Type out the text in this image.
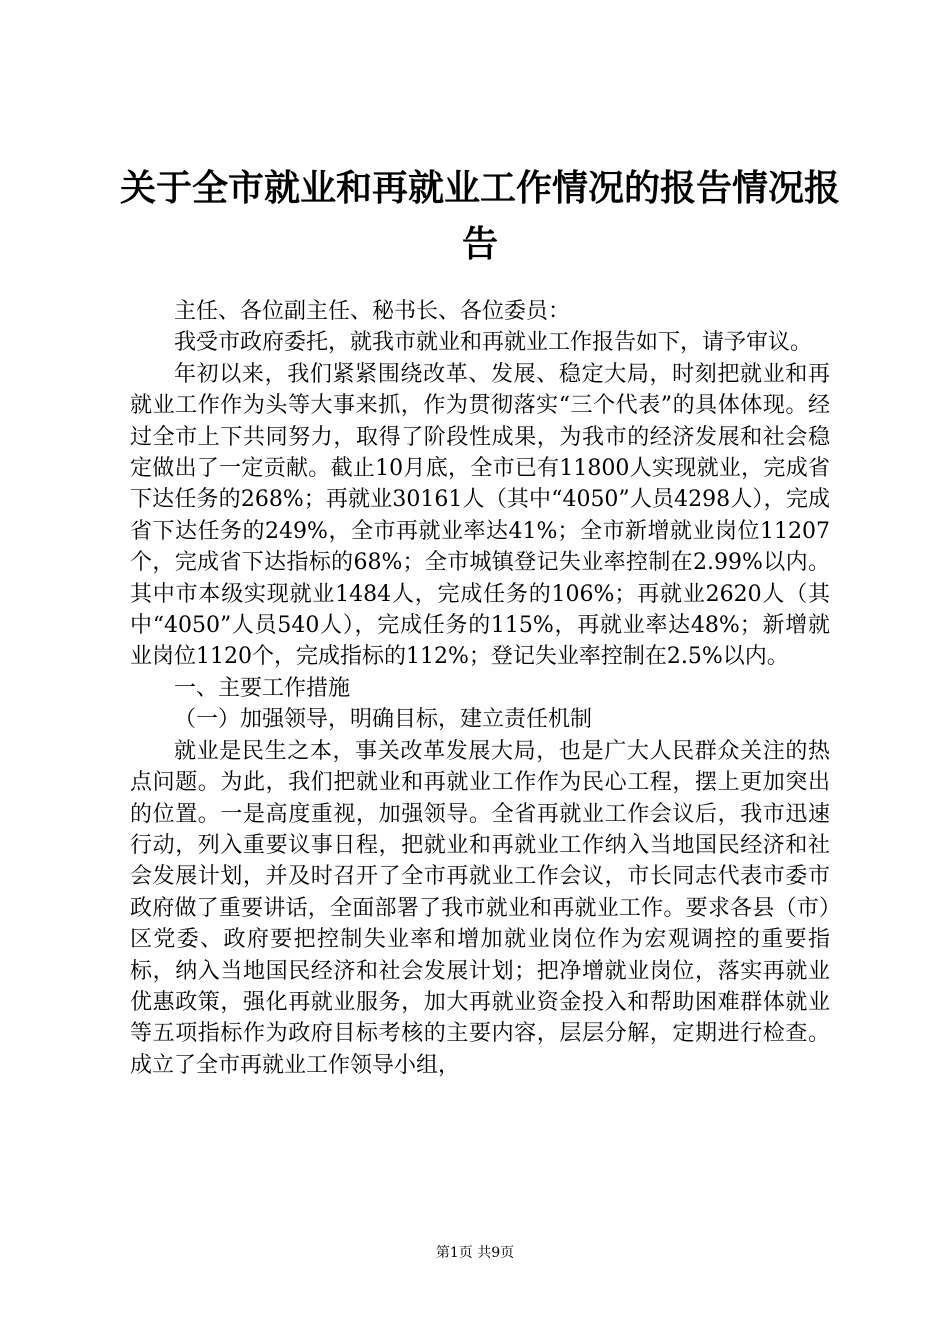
关于全市就业和再就业工作情况的报告情况报告

主任、各位副主任、秘书长、各位委员：

我受市政府委托，就我市就业和再就业工作报告如下，请予审议。

年初以来，我们紧紧围绕改革、发展、稳定大局，时刻把就业和再就业工作作为头等大事来抓，作为贯彻落实“三个代表”的具体体现。经过全市上下共同努力，取得了阶段性成果，为我市的经济发展和社会稳定做出了一定贡献。截止10月底，全市已有11800人实现就业，完成省下达任务的268%；再就业30161人（其中“4050”人员4298人），完成省下达任务的249%，全市再就业率达41%；全市新增就业岗位11207个，完成省下达指标的68%；全市城镇登记失业率控制在2.99%以内。其中市本级实现就业1484人，完成任务的106%；再就业2620人（其中“4050”人员540人），完成任务的115%，再就业率达48%；新增就业岗位1120个，完成指标的112%；登记失业率控制在2.5%以内。

一、主要工作措施

（一）加强领导，明确目标，建立责任机制

就业是民生之本，事关改革发展大局，也是广大人民群众关注的热点问题。为此，我们把就业和再就业工作作为民心工程，摆上更加突出的位置。一是高度重视，加强领导。全省再就业工作会议后，我市迅速行动，列入重要议事日程，把就业和再就业工作纳入当地国民经济和社会发展计划，并及时召开了全市再就业工作会议，市长同志代表市委市政府做了重要讲话，全面部署了我市就业和再就业工作。要求各县（市）区党委、政府要把控制失业率和增加就业岗位作为宏观调控的重要指标，纳入当地国民经济和社会发展计划；把净增就业岗位，落实再就业优惠政策，强化再就业服务，加大再就业资金投入和帮助困难群体就业等五项指标作为政府目标考核的主要内容，层层分解，定期进行检查。成立了全市再就业工作领导小组，

第1页 共9页
